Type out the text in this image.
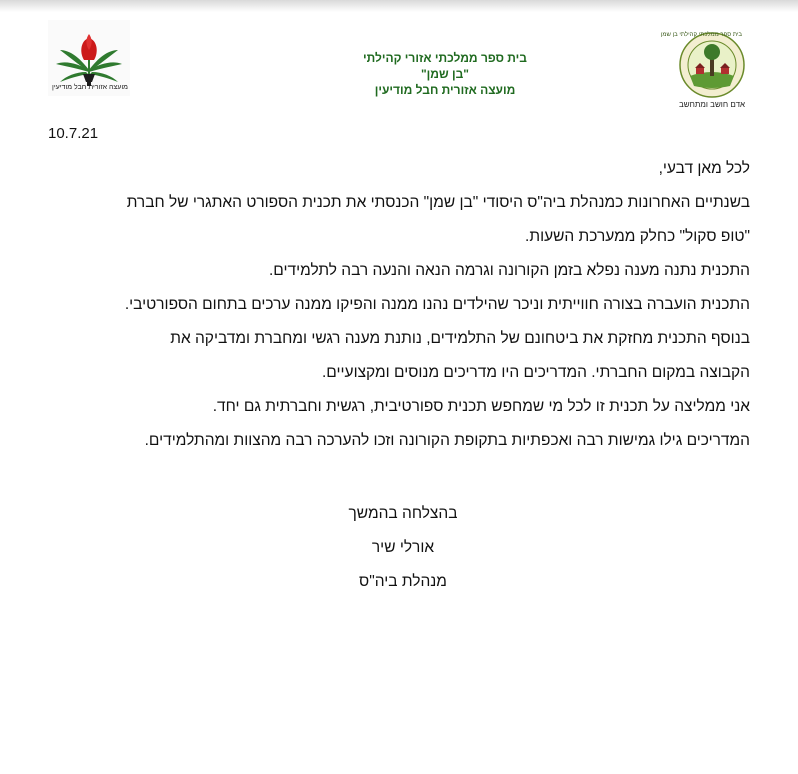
מועצה אזורית חבל מודיעין
בית ספר ממלכתי אזורי קהילתי
"בן שמן"
מועצה אזורית חבל מודיעין
בית ספר ממלכתי קהילתי בן שמן
אדם חושב ומתחשב
10.7.21

לכל מאן דבעי,

בשנתיים האחרונות כמנהלת ביה"ס היסודי "בן שמן" הכנסתי את תכנית הספורט האתגרי של חברת

"טופ סקול" כחלק ממערכת השעות.

התכנית נתנה מענה נפלא בזמן הקורונה וגרמה הנאה והנעה רבה לתלמידים.

התכנית הועברה בצורה חווייתית וניכר שהילדים נהנו ממנה והפיקו ממנה ערכים בתחום הספורטיבי.

בנוסף התכנית מחזקת את ביטחונם של התלמידים, נותנת מענה רגשי ומחברת ומדביקה את

הקבוצה במקום החברתי. המדריכים היו מדריכים מנוסים ומקצועיים.

אני ממליצה על תכנית זו לכל מי שמחפש תכנית ספורטיבית, רגשית וחברתית גם יחד.

המדריכים גילו גמישות רבה ואכפתיות בתקופת הקורונה וזכו להערכה רבה מהצוות ומהתלמידים.

בהצלחה בהמשך
אורלי שיר
מנהלת ביה"ס
